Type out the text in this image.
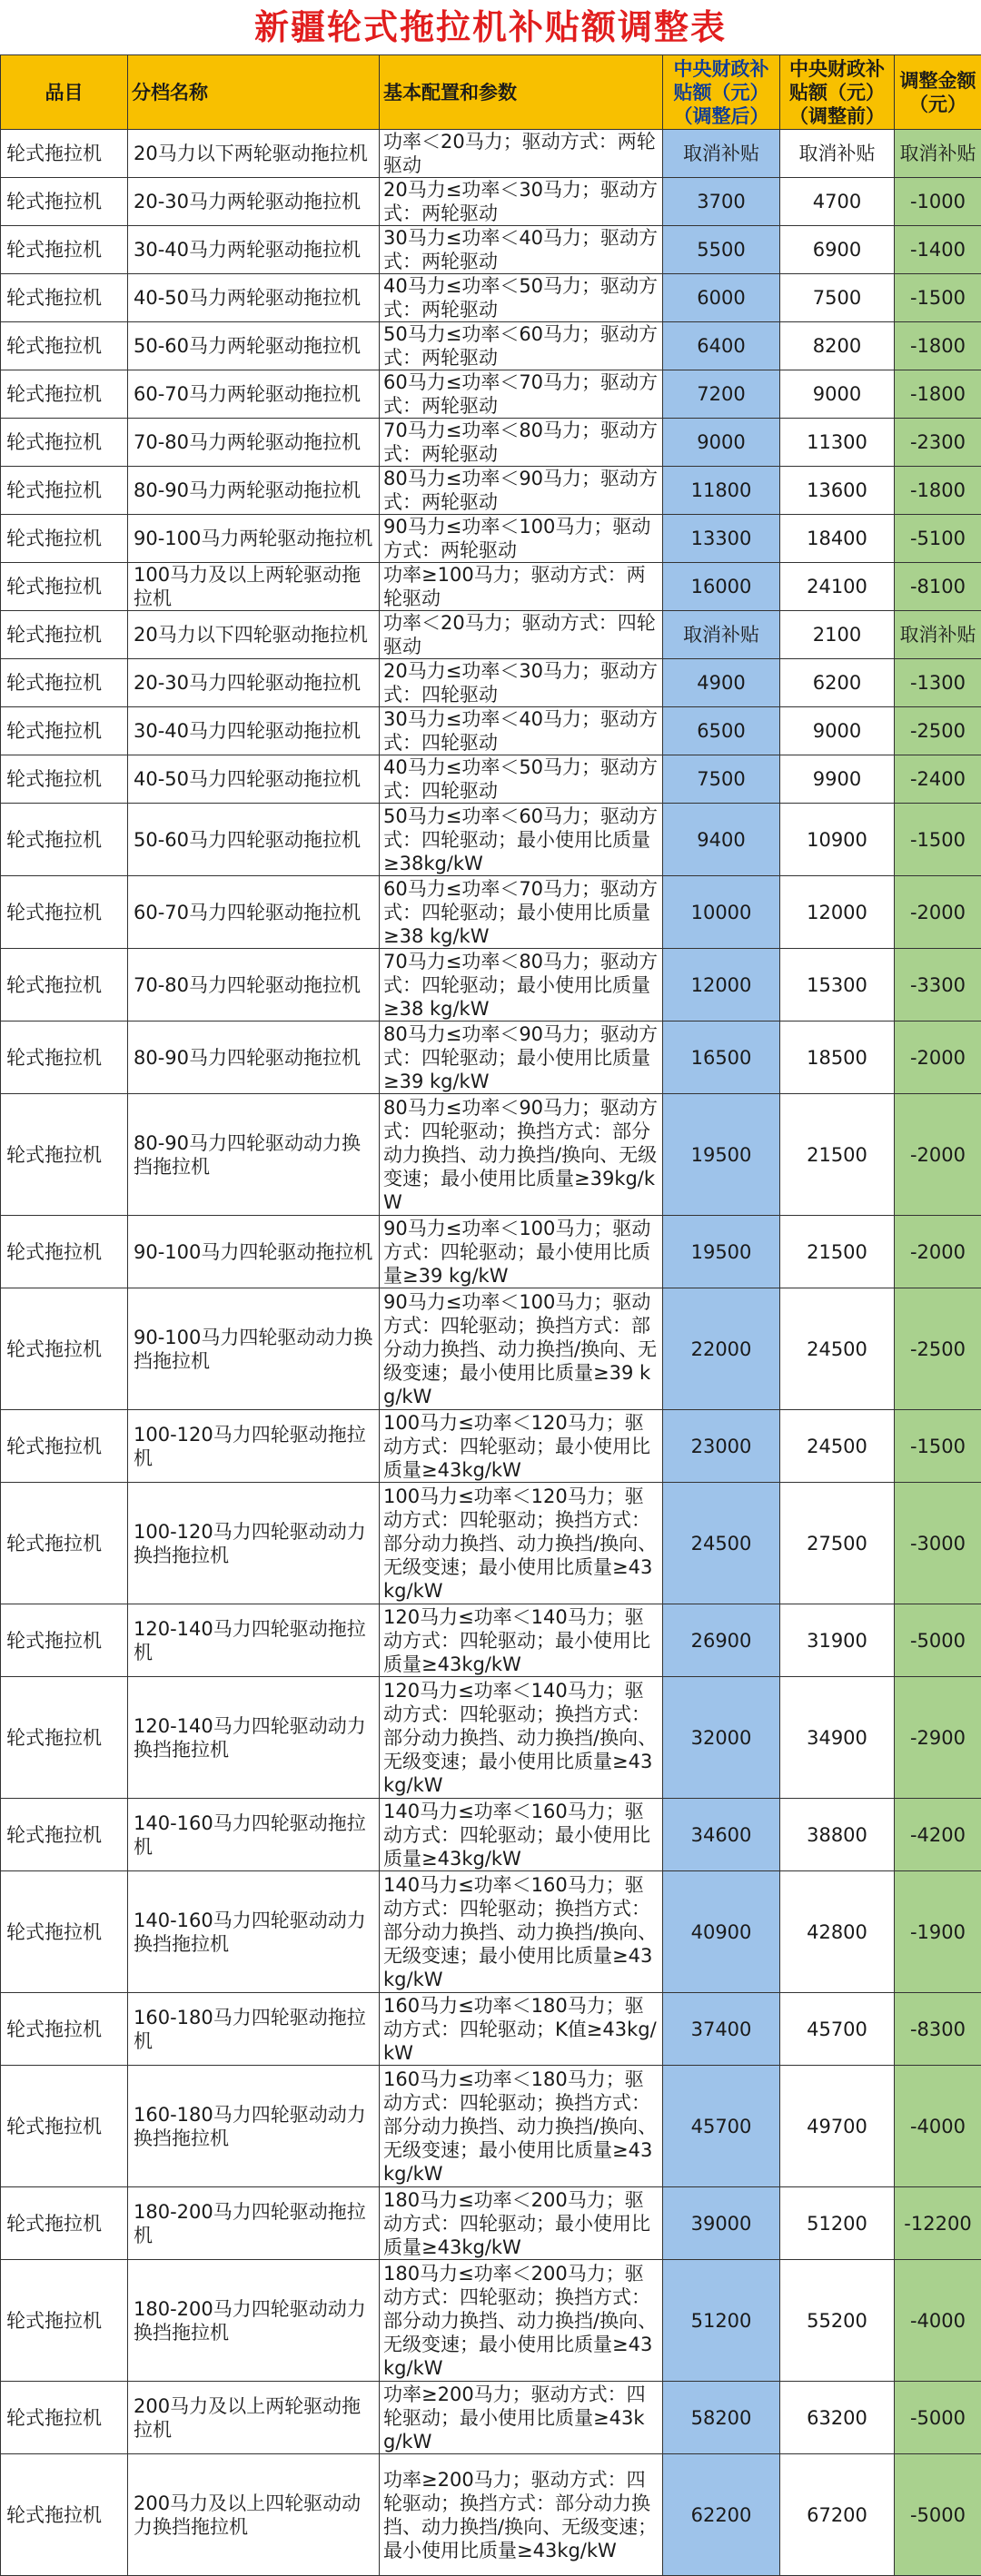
新疆轮式拖拉机补贴额调整表
品目	分档名称	基本配置和参数	中央财政补贴额（元）（调整后）	中央财政补贴额（元）（调整前）	调整金额（元）
轮式拖拉机	20马力以下两轮驱动拖拉机	功率＜20马力；驱动方式：两轮驱动	取消补贴	取消补贴	取消补贴
轮式拖拉机	20-30马力两轮驱动拖拉机	20马力≤功率＜30马力；驱动方式：两轮驱动	3700	4700	-1000
轮式拖拉机	30-40马力两轮驱动拖拉机	30马力≤功率＜40马力；驱动方式：两轮驱动	5500	6900	-1400
轮式拖拉机	40-50马力两轮驱动拖拉机	40马力≤功率＜50马力；驱动方式：两轮驱动	6000	7500	-1500
轮式拖拉机	50-60马力两轮驱动拖拉机	50马力≤功率＜60马力；驱动方式：两轮驱动	6400	8200	-1800
轮式拖拉机	60-70马力两轮驱动拖拉机	60马力≤功率＜70马力；驱动方式：两轮驱动	7200	9000	-1800
轮式拖拉机	70-80马力两轮驱动拖拉机	70马力≤功率＜80马力；驱动方式：两轮驱动	9000	11300	-2300
轮式拖拉机	80-90马力两轮驱动拖拉机	80马力≤功率＜90马力；驱动方式：两轮驱动	11800	13600	-1800
轮式拖拉机	90-100马力两轮驱动拖拉机	90马力≤功率＜100马力；驱动方式：两轮驱动	13300	18400	-5100
轮式拖拉机	100马力及以上两轮驱动拖拉机	功率≥100马力；驱动方式：两轮驱动	16000	24100	-8100
轮式拖拉机	20马力以下四轮驱动拖拉机	功率＜20马力；驱动方式：四轮驱动	取消补贴	2100	取消补贴
轮式拖拉机	20-30马力四轮驱动拖拉机	20马力≤功率＜30马力；驱动方式：四轮驱动	4900	6200	-1300
轮式拖拉机	30-40马力四轮驱动拖拉机	30马力≤功率＜40马力；驱动方式：四轮驱动	6500	9000	-2500
轮式拖拉机	40-50马力四轮驱动拖拉机	40马力≤功率＜50马力；驱动方式：四轮驱动	7500	9900	-2400
轮式拖拉机	50-60马力四轮驱动拖拉机	50马力≤功率＜60马力；驱动方式：四轮驱动；最小使用比质量≥38kg/kW	9400	10900	-1500
轮式拖拉机	60-70马力四轮驱动拖拉机	60马力≤功率＜70马力；驱动方式：四轮驱动；最小使用比质量≥38 kg/kW	10000	12000	-2000
轮式拖拉机	70-80马力四轮驱动拖拉机	70马力≤功率＜80马力；驱动方式：四轮驱动；最小使用比质量≥38 kg/kW	12000	15300	-3300
轮式拖拉机	80-90马力四轮驱动拖拉机	80马力≤功率＜90马力；驱动方式：四轮驱动；最小使用比质量≥39 kg/kW	16500	18500	-2000
轮式拖拉机	80-90马力四轮驱动动力换挡拖拉机	80马力≤功率＜90马力；驱动方式：四轮驱动；换挡方式：部分动力换挡、动力换挡/换向、无级变速；最小使用比质量≥39kg/kW	19500	21500	-2000
轮式拖拉机	90-100马力四轮驱动拖拉机	90马力≤功率＜100马力；驱动方式：四轮驱动；最小使用比质量≥39 kg/kW	19500	21500	-2000
轮式拖拉机	90-100马力四轮驱动动力换挡拖拉机	90马力≤功率＜100马力；驱动方式：四轮驱动；换挡方式：部分动力换挡、动力换挡/换向、无级变速；最小使用比质量≥39 kg/kW	22000	24500	-2500
轮式拖拉机	100-120马力四轮驱动拖拉机	100马力≤功率＜120马力；驱动方式：四轮驱动；最小使用比质量≥43kg/kW	23000	24500	-1500
轮式拖拉机	100-120马力四轮驱动动力换挡拖拉机	100马力≤功率＜120马力；驱动方式：四轮驱动；换挡方式：部分动力换挡、动力换挡/换向、无级变速；最小使用比质量≥43kg/kW	24500	27500	-3000
轮式拖拉机	120-140马力四轮驱动拖拉机	120马力≤功率＜140马力；驱动方式：四轮驱动；最小使用比质量≥43kg/kW	26900	31900	-5000
轮式拖拉机	120-140马力四轮驱动动力换挡拖拉机	120马力≤功率＜140马力；驱动方式：四轮驱动；换挡方式：部分动力换挡、动力换挡/换向、无级变速；最小使用比质量≥43kg/kW	32000	34900	-2900
轮式拖拉机	140-160马力四轮驱动拖拉机	140马力≤功率＜160马力；驱动方式：四轮驱动；最小使用比质量≥43kg/kW	34600	38800	-4200
轮式拖拉机	140-160马力四轮驱动动力换挡拖拉机	140马力≤功率＜160马力；驱动方式：四轮驱动；换挡方式：部分动力换挡、动力换挡/换向、无级变速；最小使用比质量≥43kg/kW	40900	42800	-1900
轮式拖拉机	160-180马力四轮驱动拖拉机	160马力≤功率＜180马力；驱动方式：四轮驱动；K值≥43kg/kW	37400	45700	-8300
轮式拖拉机	160-180马力四轮驱动动力换挡拖拉机	160马力≤功率＜180马力；驱动方式：四轮驱动；换挡方式：部分动力换挡、动力换挡/换向、无级变速；最小使用比质量≥43kg/kW	45700	49700	-4000
轮式拖拉机	180-200马力四轮驱动拖拉机	180马力≤功率＜200马力；驱动方式：四轮驱动；最小使用比质量≥43kg/kW	39000	51200	-12200
轮式拖拉机	180-200马力四轮驱动动力换挡拖拉机	180马力≤功率＜200马力；驱动方式：四轮驱动；换挡方式：部分动力换挡、动力换挡/换向、无级变速；最小使用比质量≥43kg/kW	51200	55200	-4000
轮式拖拉机	200马力及以上两轮驱动拖拉机	功率≥200马力；驱动方式：四轮驱动；最小使用比质量≥43kg/kW	58200	63200	-5000
轮式拖拉机	200马力及以上四轮驱动动力换挡拖拉机	功率≥200马力；驱动方式：四轮驱动；换挡方式：部分动力换挡、动力换挡/换向、无级变速；最小使用比质量≥43kg/kW	62200	67200	-5000
